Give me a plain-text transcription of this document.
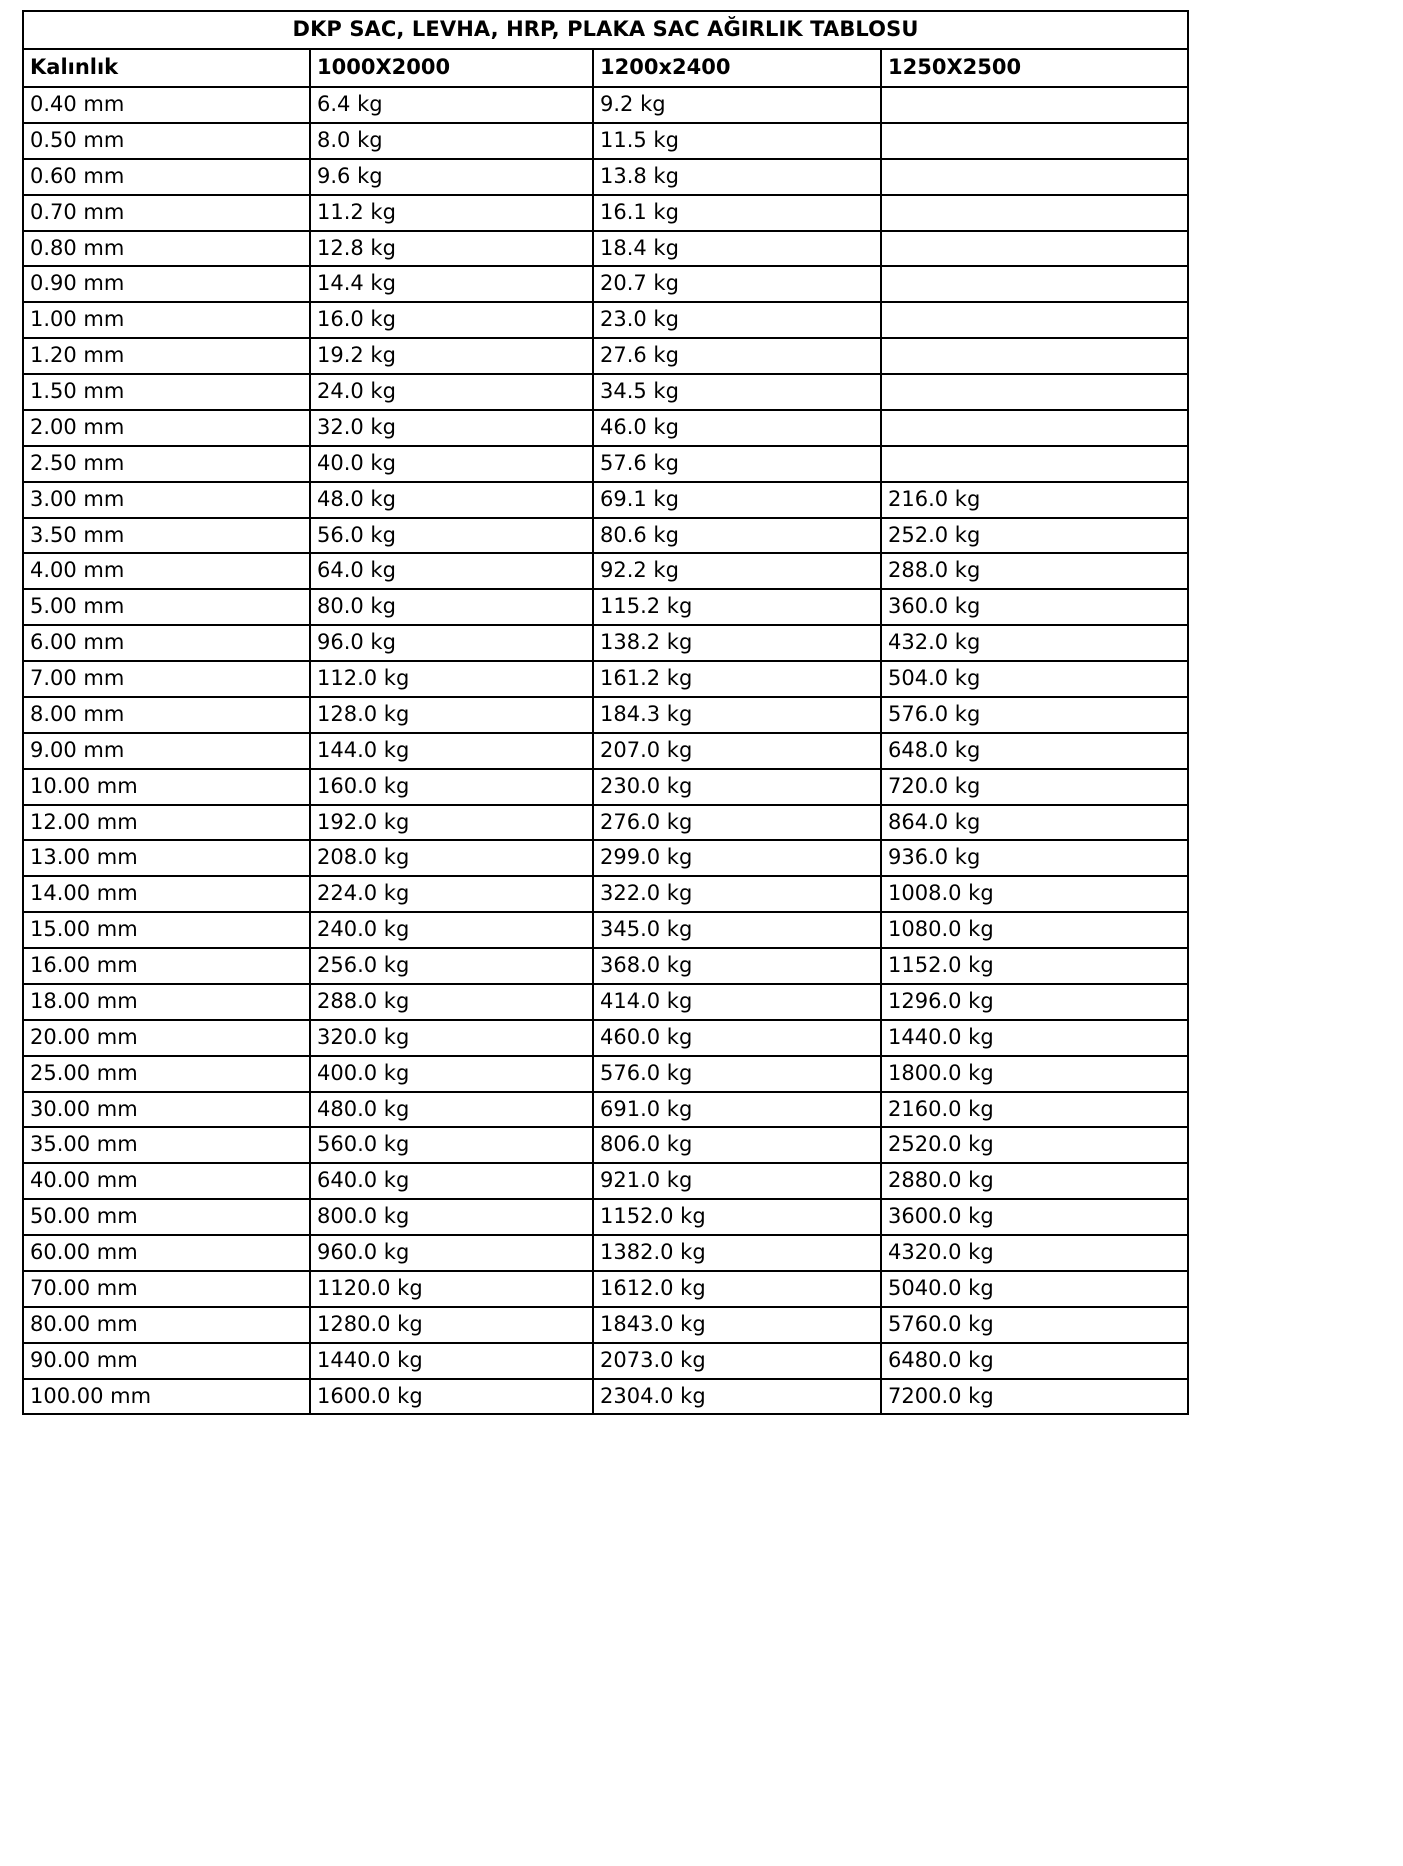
DKP SAC, LEVHA, HRP, PLAKA SAC AĞIRLIK TABLOSU			
Kalınlık	1000X2000	1200x2400	1250X2500
0.40 mm	6.4 kg	9.2 kg	
0.50 mm	8.0 kg	11.5 kg	
0.60 mm	9.6 kg	13.8 kg	
0.70 mm	11.2 kg	16.1 kg	
0.80 mm	12.8 kg	18.4 kg	
0.90 mm	14.4 kg	20.7 kg	
1.00 mm	16.0 kg	23.0 kg	
1.20 mm	19.2 kg	27.6 kg	
1.50 mm	24.0 kg	34.5 kg	
2.00 mm	32.0 kg	46.0 kg	
2.50 mm	40.0 kg	57.6 kg	
3.00 mm	48.0 kg	69.1 kg	216.0 kg
3.50 mm	56.0 kg	80.6 kg	252.0 kg
4.00 mm	64.0 kg	92.2 kg	288.0 kg
5.00 mm	80.0 kg	115.2 kg	360.0 kg
6.00 mm	96.0 kg	138.2 kg	432.0 kg
7.00 mm	112.0 kg	161.2 kg	504.0 kg
8.00 mm	128.0 kg	184.3 kg	576.0 kg
9.00 mm	144.0 kg	207.0 kg	648.0 kg
10.00 mm	160.0 kg	230.0 kg	720.0 kg
12.00 mm	192.0 kg	276.0 kg	864.0 kg
13.00 mm	208.0 kg	299.0 kg	936.0 kg
14.00 mm	224.0 kg	322.0 kg	1008.0 kg
15.00 mm	240.0 kg	345.0 kg	1080.0 kg
16.00 mm	256.0 kg	368.0 kg	1152.0 kg
18.00 mm	288.0 kg	414.0 kg	1296.0 kg
20.00 mm	320.0 kg	460.0 kg	1440.0 kg
25.00 mm	400.0 kg	576.0 kg	1800.0 kg
30.00 mm	480.0 kg	691.0 kg	2160.0 kg
35.00 mm	560.0 kg	806.0 kg	2520.0 kg
40.00 mm	640.0 kg	921.0 kg	2880.0 kg
50.00 mm	800.0 kg	1152.0 kg	3600.0 kg
60.00 mm	960.0 kg	1382.0 kg	4320.0 kg
70.00 mm	1120.0 kg	1612.0 kg	5040.0 kg
80.00 mm	1280.0 kg	1843.0 kg	5760.0 kg
90.00 mm	1440.0 kg	2073.0 kg	6480.0 kg
100.00 mm	1600.0 kg	2304.0 kg	7200.0 kg
